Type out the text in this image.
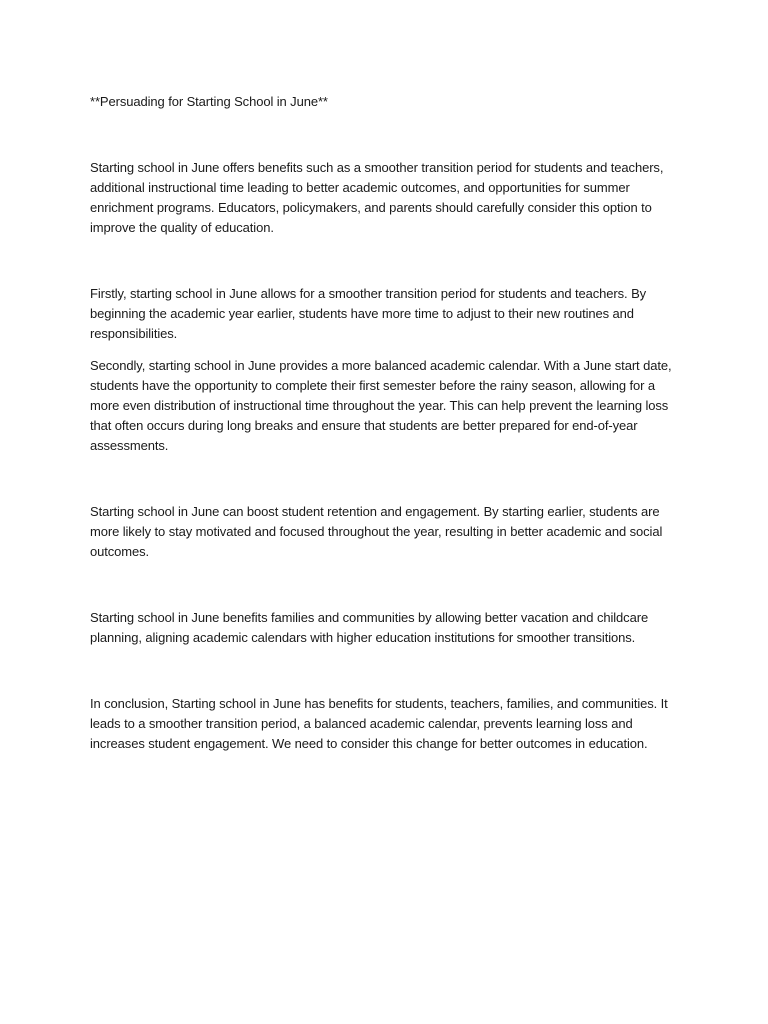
**Persuading for Starting School in June**

Starting school in June offers benefits such as a smoother transition period for students and teachers, additional instructional time leading to better academic outcomes, and opportunities for summer enrichment programs. Educators, policymakers, and parents should carefully consider this option to improve the quality of education.

Firstly, starting school in June allows for a smoother transition period for students and teachers. By beginning the academic year earlier, students have more time to adjust to their new routines and responsibilities.

Secondly, starting school in June provides a more balanced academic calendar. With a June start date, students have the opportunity to complete their first semester before the rainy season, allowing for a more even distribution of instructional time throughout the year. This can help prevent the learning loss that often occurs during long breaks and ensure that students are better prepared for end-of-year assessments.

Starting school in June can boost student retention and engagement. By starting earlier, students are more likely to stay motivated and focused throughout the year, resulting in better academic and social outcomes.

Starting school in June benefits families and communities by allowing better vacation and childcare planning, aligning academic calendars with higher education institutions for smoother transitions.

In conclusion, Starting school in June has benefits for students, teachers, families, and communities. It leads to a smoother transition period, a balanced academic calendar, prevents learning loss and increases student engagement. We need to consider this change for better outcomes in education.
